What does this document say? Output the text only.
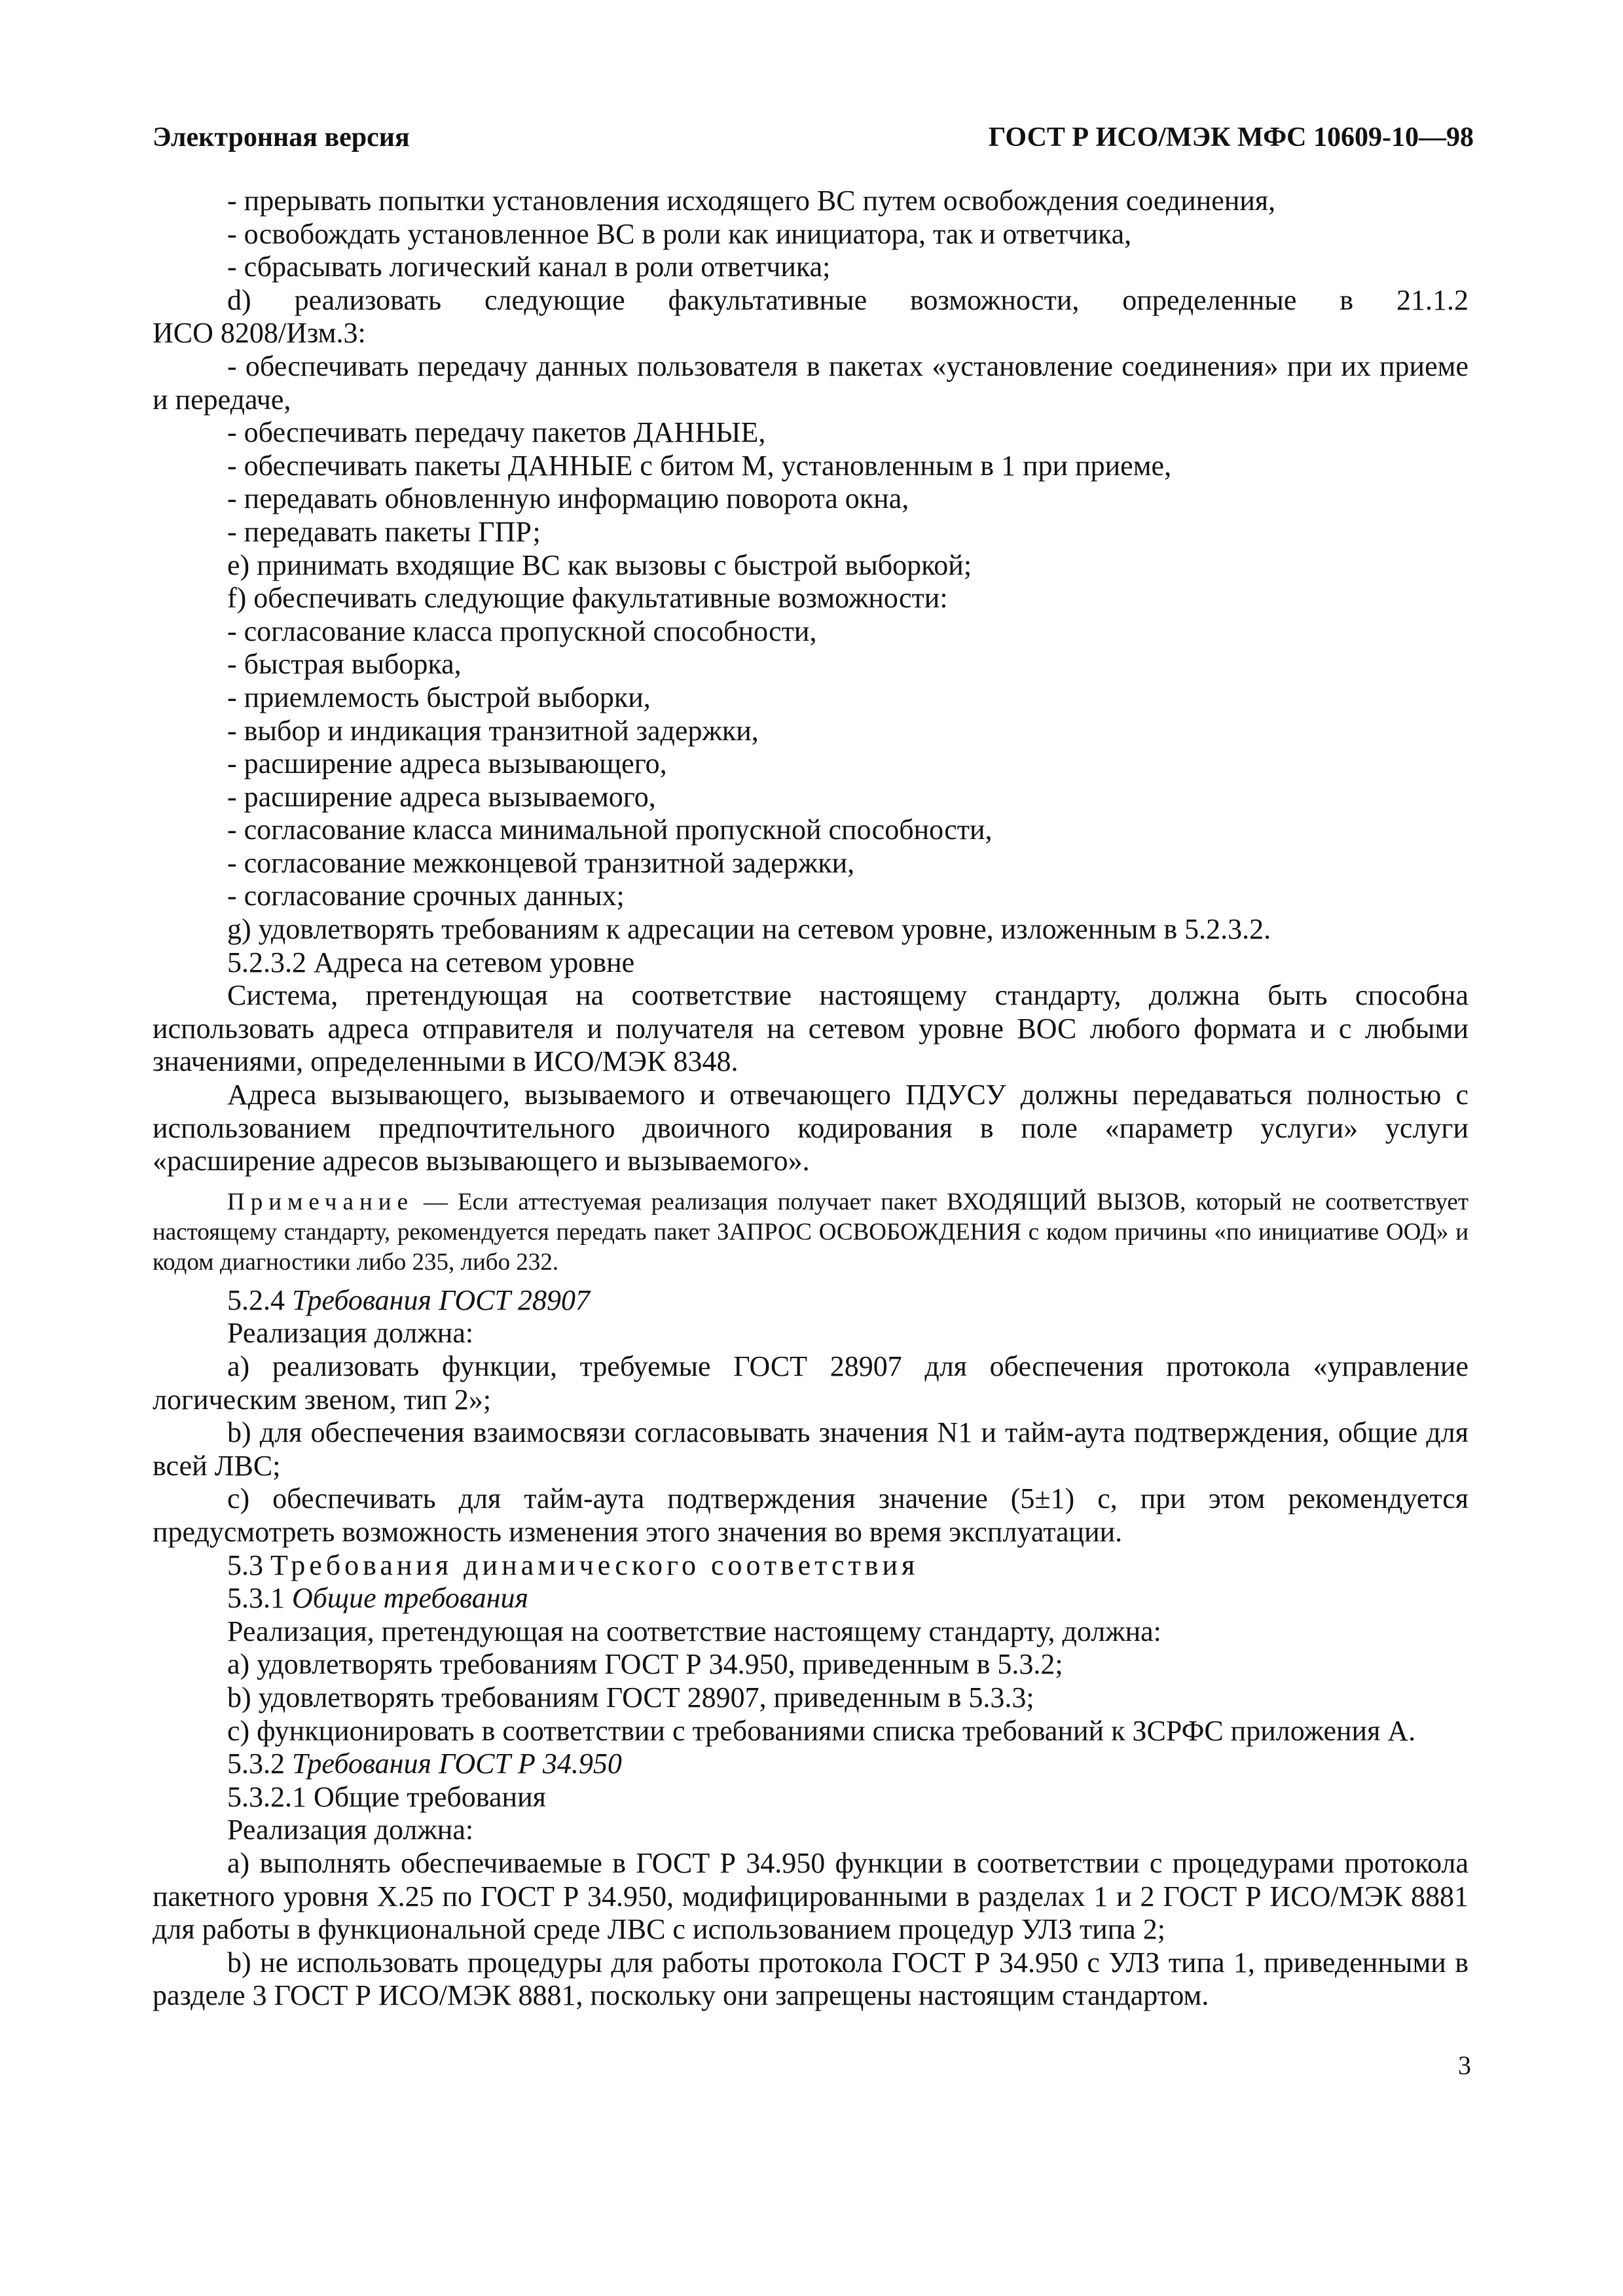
Электронная версия	ГОСТ Р ИСО/МЭК МФС 10609-10—98

- прерывать попытки установления исходящего ВС путем освобождения соединения,

- освобождать установленное ВС в роли как инициатора, так и ответчика,

- сбрасывать логический канал в роли ответчика;

d) реализовать следующие факультативные возможности, определенные в 21.1.2

ИСО 8208/Изм.3:

- обеспечивать передачу данных пользователя в пакетах «установление соединения» при их приеме и передаче,

- обеспечивать передачу пакетов ДАННЫЕ,

- обеспечивать пакеты ДАННЫЕ с битом М, установленным в 1 при приеме,

- передавать обновленную информацию поворота окна,

- передавать пакеты ГПР;

е) принимать входящие ВС как вызовы с быстрой выборкой;

f) обеспечивать следующие факультативные возможности:

- согласование класса пропускной способности,

- быстрая выборка,

- приемлемость быстрой выборки,

- выбор и индикация транзитной задержки,

- расширение адреса вызывающего,

- расширение адреса вызываемого,

- согласование класса минимальной пропускной способности,

- согласование межконцевой транзитной задержки,

- согласование срочных данных;

g) удовлетворять требованиям к адресации на сетевом уровне, изложенным в 5.2.3.2.

5.2.3.2 Адреса на сетевом уровне

Система, претендующая на соответствие настоящему стандарту, должна быть способна использовать адреса отправителя и получателя на сетевом уровне ВОС любого формата и с любыми значениями, определенными в ИСО/МЭК 8348.

Адреса вызывающего, вызываемого и отвечающего ПДУСУ должны передаваться полностью с использованием предпочтительного двоичного кодирования в поле «параметр услуги» услуги «расширение адресов вызывающего и вызываемого».

Примечание — Если аттестуемая реализация получает пакет ВХОДЯЩИЙ ВЫЗОВ, который не соответствует настоящему стандарту, рекомендуется передать пакет ЗАПРОС ОСВОБОЖДЕНИЯ с кодом причины «по инициативе ООД» и кодом диагностики либо 235, либо 232.

5.2.4 Требования ГОСТ 28907

Реализация должна:

а) реализовать функции, требуемые ГОСТ 28907 для обеспечения протокола «управление логическим звеном, тип 2»;

b) для обеспечения взаимосвязи согласовывать значения N1 и тайм-аута подтверждения, общие для всей ЛВС;

с) обеспечивать для тайм-аута подтверждения значение (5±1) с, при этом рекомендуется предусмотреть возможность изменения этого значения во время эксплуатации.

5.3 Требования динамического соответствия

5.3.1 Общие требования

Реализация, претендующая на соответствие настоящему стандарту, должна:

а) удовлетворять требованиям ГОСТ Р 34.950, приведенным в 5.3.2;

b) удовлетворять требованиям ГОСТ 28907, приведенным в 5.3.3;

с) функционировать в соответствии с требованиями списка требований к ЗСРФС приложения А.

5.3.2 Требования ГОСТ Р 34.950

5.3.2.1 Общие требования

Реализация должна:

а) выполнять обеспечиваемые в ГОСТ Р 34.950 функции в соответствии с процедурами протокола пакетного уровня Х.25 по ГОСТ Р 34.950, модифицированными в разделах 1 и 2 ГОСТ Р ИСО/МЭК 8881 для работы в функциональной среде ЛВС с использованием процедур УЛЗ типа 2;

b) не использовать процедуры для работы протокола ГОСТ Р 34.950 с УЛЗ типа 1, приведенными в разделе 3 ГОСТ Р ИСО/МЭК 8881, поскольку они запрещены настоящим стандартом.

3
